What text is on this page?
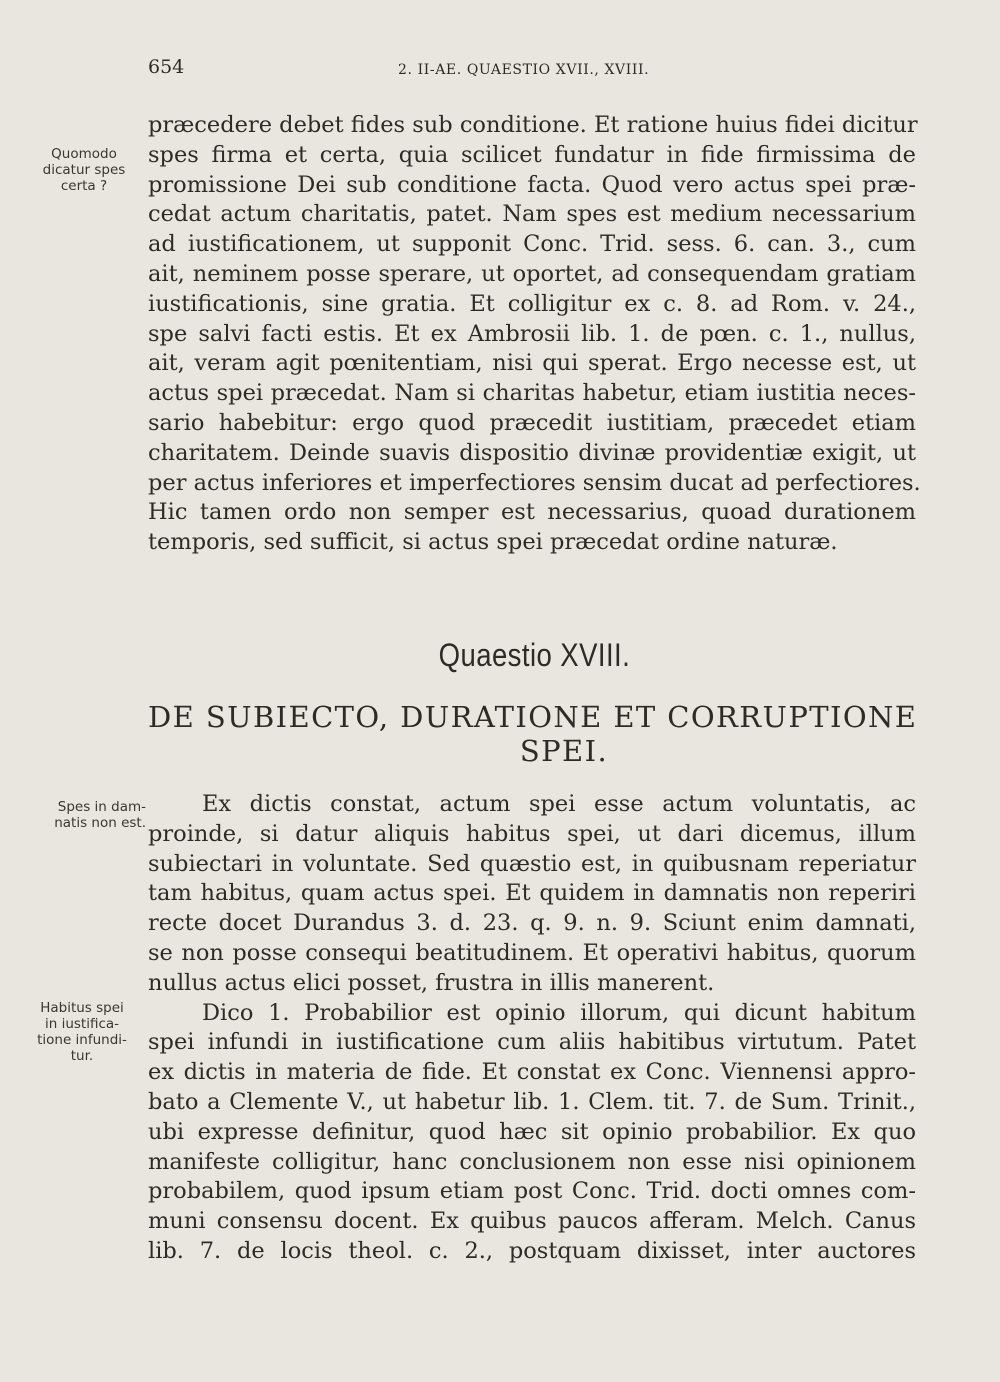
654	2. II-AE. QUAESTIO XVII., XVIII.
Quomodo
dicatur spes
certa ?
Spes in dam-
natis non est.
Habitus spei
in iustifica-
tione infundi-
tur.
præcedere debet fides sub conditione. Et ratione huius fidei dicitur
spes firma et certa, quia scilicet fundatur in fide firmissima de
promissione Dei sub conditione facta. Quod vero actus spei præ-
cedat actum charitatis, patet. Nam spes est medium necessarium
ad iustificationem, ut supponit Conc. Trid. sess. 6. can. 3., cum
ait, neminem posse sperare, ut oportet, ad consequendam gratiam
iustificationis, sine gratia. Et colligitur ex c. 8. ad Rom. v. 24.,
spe salvi facti estis. Et ex Ambrosii lib. 1. de pœn. c. 1., nullus,
ait, veram agit pœnitentiam, nisi qui sperat. Ergo necesse est, ut
actus spei præcedat. Nam si charitas habetur, etiam iustitia neces-
sario habebitur: ergo quod præcedit iustitiam, præcedet etiam
charitatem. Deinde suavis dispositio divinæ providentiæ exigit, ut
per actus inferiores et imperfectiores sensim ducat ad perfectiores.
Hic tamen ordo non semper est necessarius, quoad durationem
temporis, sed sufficit, si actus spei præcedat ordine naturæ.
Quaestio XVIII.
DE SUBIECTO, DURATIONE ET CORRUPTIONE
SPEI.
Ex dictis constat, actum spei esse actum voluntatis, ac
proinde, si datur aliquis habitus spei, ut dari dicemus, illum
subiectari in voluntate. Sed quæstio est, in quibusnam reperiatur
tam habitus, quam actus spei. Et quidem in damnatis non reperiri
recte docet Durandus 3. d. 23. q. 9. n. 9. Sciunt enim damnati,
se non posse consequi beatitudinem. Et operativi habitus, quorum
nullus actus elici posset, frustra in illis manerent.
Dico 1. Probabilior est opinio illorum, qui dicunt habitum
spei infundi in iustificatione cum aliis habitibus virtutum. Patet
ex dictis in materia de fide. Et constat ex Conc. Viennensi appro-
bato a Clemente V., ut habetur lib. 1. Clem. tit. 7. de Sum. Trinit.,
ubi expresse definitur, quod hæc sit opinio probabilior. Ex quo
manifeste colligitur, hanc conclusionem non esse nisi opinionem
probabilem, quod ipsum etiam post Conc. Trid. docti omnes com-
muni consensu docent. Ex quibus paucos afferam. Melch. Canus
lib. 7. de locis theol. c. 2., postquam dixisset, inter auctores
